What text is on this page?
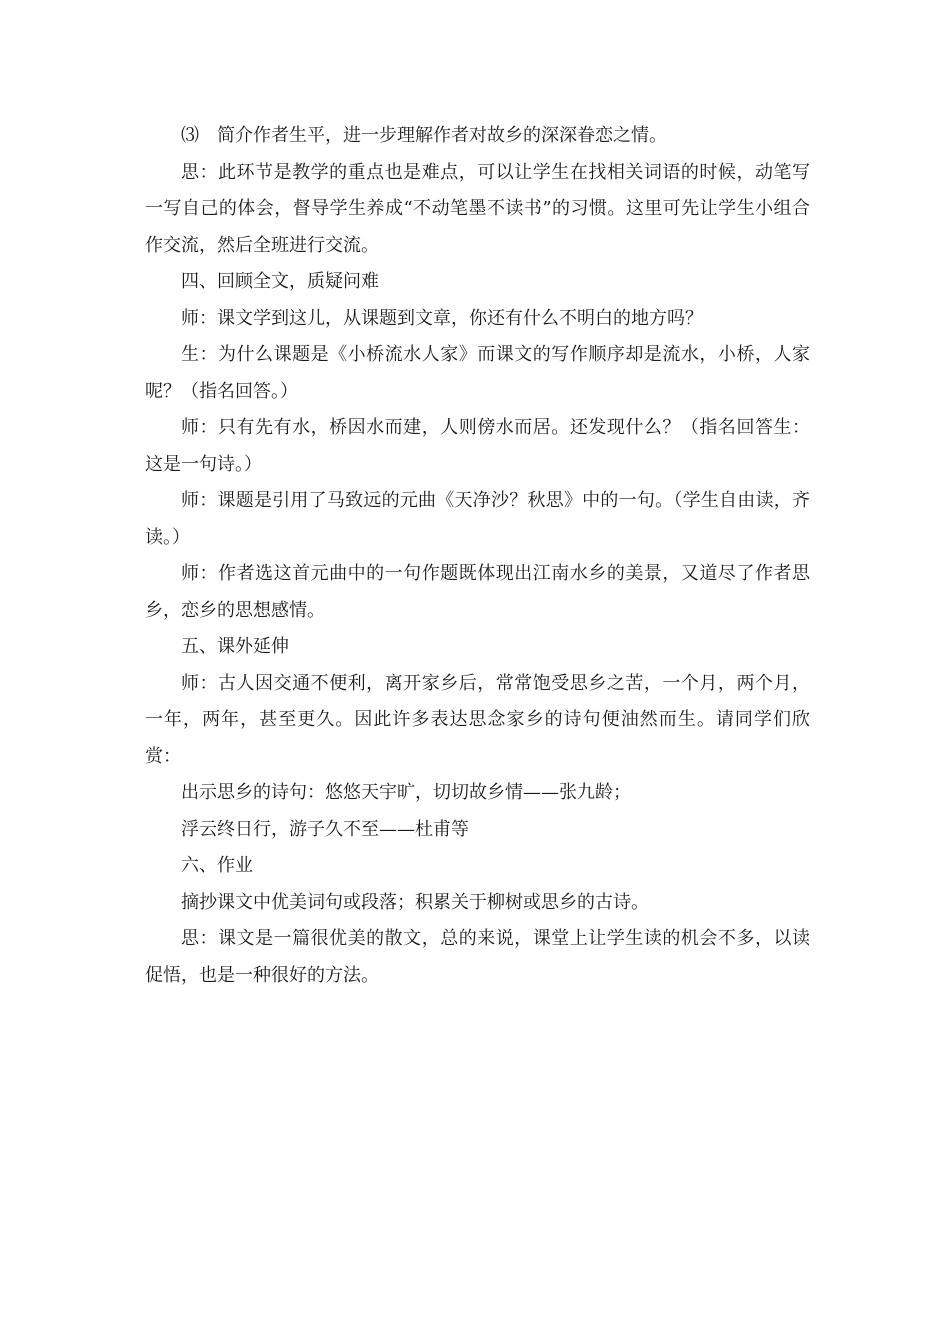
⑶　简介作者生平，进一步理解作者对故乡的深深眷恋之情。

思：此环节是教学的重点也是难点，可以让学生在找相关词语的时候，动笔写一写自己的体会，督导学生养成“不动笔墨不读书”的习惯。这里可先让学生小组合作交流，然后全班进行交流。

四、回顾全文，质疑问难

师：课文学到这儿，从课题到文章，你还有什么不明白的地方吗？

生：为什么课题是《小桥流水人家》而课文的写作顺序却是流水，小桥，人家呢？（指名回答。）

师：只有先有水，桥因水而建，人则傍水而居。还发现什么？（指名回答生：这是一句诗。）

师：课题是引用了马致远的元曲《天净沙？秋思》中的一句。（学生自由读，齐读。）

师：作者选这首元曲中的一句作题既体现出江南水乡的美景，又道尽了作者思乡，恋乡的思想感情。

五、课外延伸

师：古人因交通不便利，离开家乡后，常常饱受思乡之苦，一个月，两个月，一年，两年，甚至更久。因此许多表达思念家乡的诗句便油然而生。请同学们欣赏：

出示思乡的诗句：悠悠天宇旷，切切故乡情——张九龄；

浮云终日行，游子久不至——杜甫等

六、作业

摘抄课文中优美词句或段落；积累关于柳树或思乡的古诗。

思：课文是一篇很优美的散文，总的来说，课堂上让学生读的机会不多，以读促悟，也是一种很好的方法。
